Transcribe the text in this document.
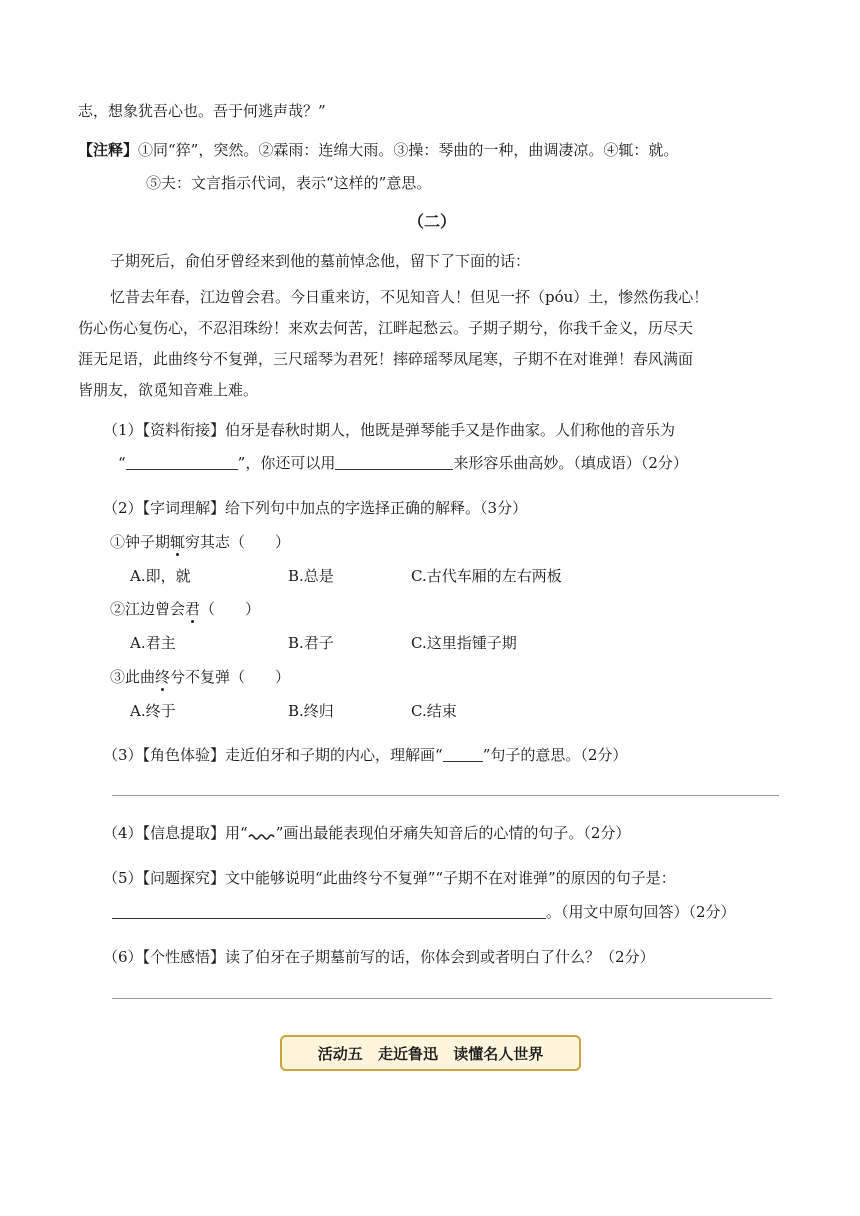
志，想象犹吾心也。吾于何逃声哉？”
【注释】①同“猝”，突然。②霖雨：连绵大雨。③操：琴曲的一种，曲调凄凉。④辄：就。
⑤夫：文言指示代词，表示“这样的”意思。
（二）
子期死后，俞伯牙曾经来到他的墓前悼念他，留下了下面的话：
忆昔去年春，江边曾会君。今日重来访，不见知音人！但见一抔（póu）土，惨然伤我心！
伤心伤心复伤心，不忍泪珠纷！来欢去何苦，江畔起愁云。子期子期兮，你我千金义，历尽天
涯无足语，此曲终兮不复弹，三尺瑶琴为君死！摔碎瑶琴凤尾寒，子期不在对谁弹！春风满面
皆朋友，欲觅知音难上难。
（1）【资料衔接】伯牙是春秋时期人，他既是弹琴能手又是作曲家。人们称他的音乐为
“	”，你还可以用	来形容乐曲高妙。（填成语）（2分）
（2）【字词理解】给下列句中加点的字选择正确的解释。（3分）
①钟子期辄穷其志（　　）
A.即，就	B.总是	C.古代车厢的左右两板
②江边曾会君（　　）
A.君主	B.君子	C.这里指锺子期
③此曲终兮不复弹（　　）
A.终于	B.终归	C.结束
（3）【角色体验】走近伯牙和子期的内心，理解画“	”句子的意思。（2分）
（4）【信息提取】用“ ”画出最能表现伯牙痛失知音后的心情的句子。（2分）
（5）【问题探究】文中能够说明“此曲终兮不复弹”“子期不在对谁弹”的原因的句子是：
。（用文中原句回答）（2分）
（6）【个性感悟】读了伯牙在子期墓前写的话，你体会到或者明白了什么？（2分）
活动五 走近鲁迅 读懂名人世界
